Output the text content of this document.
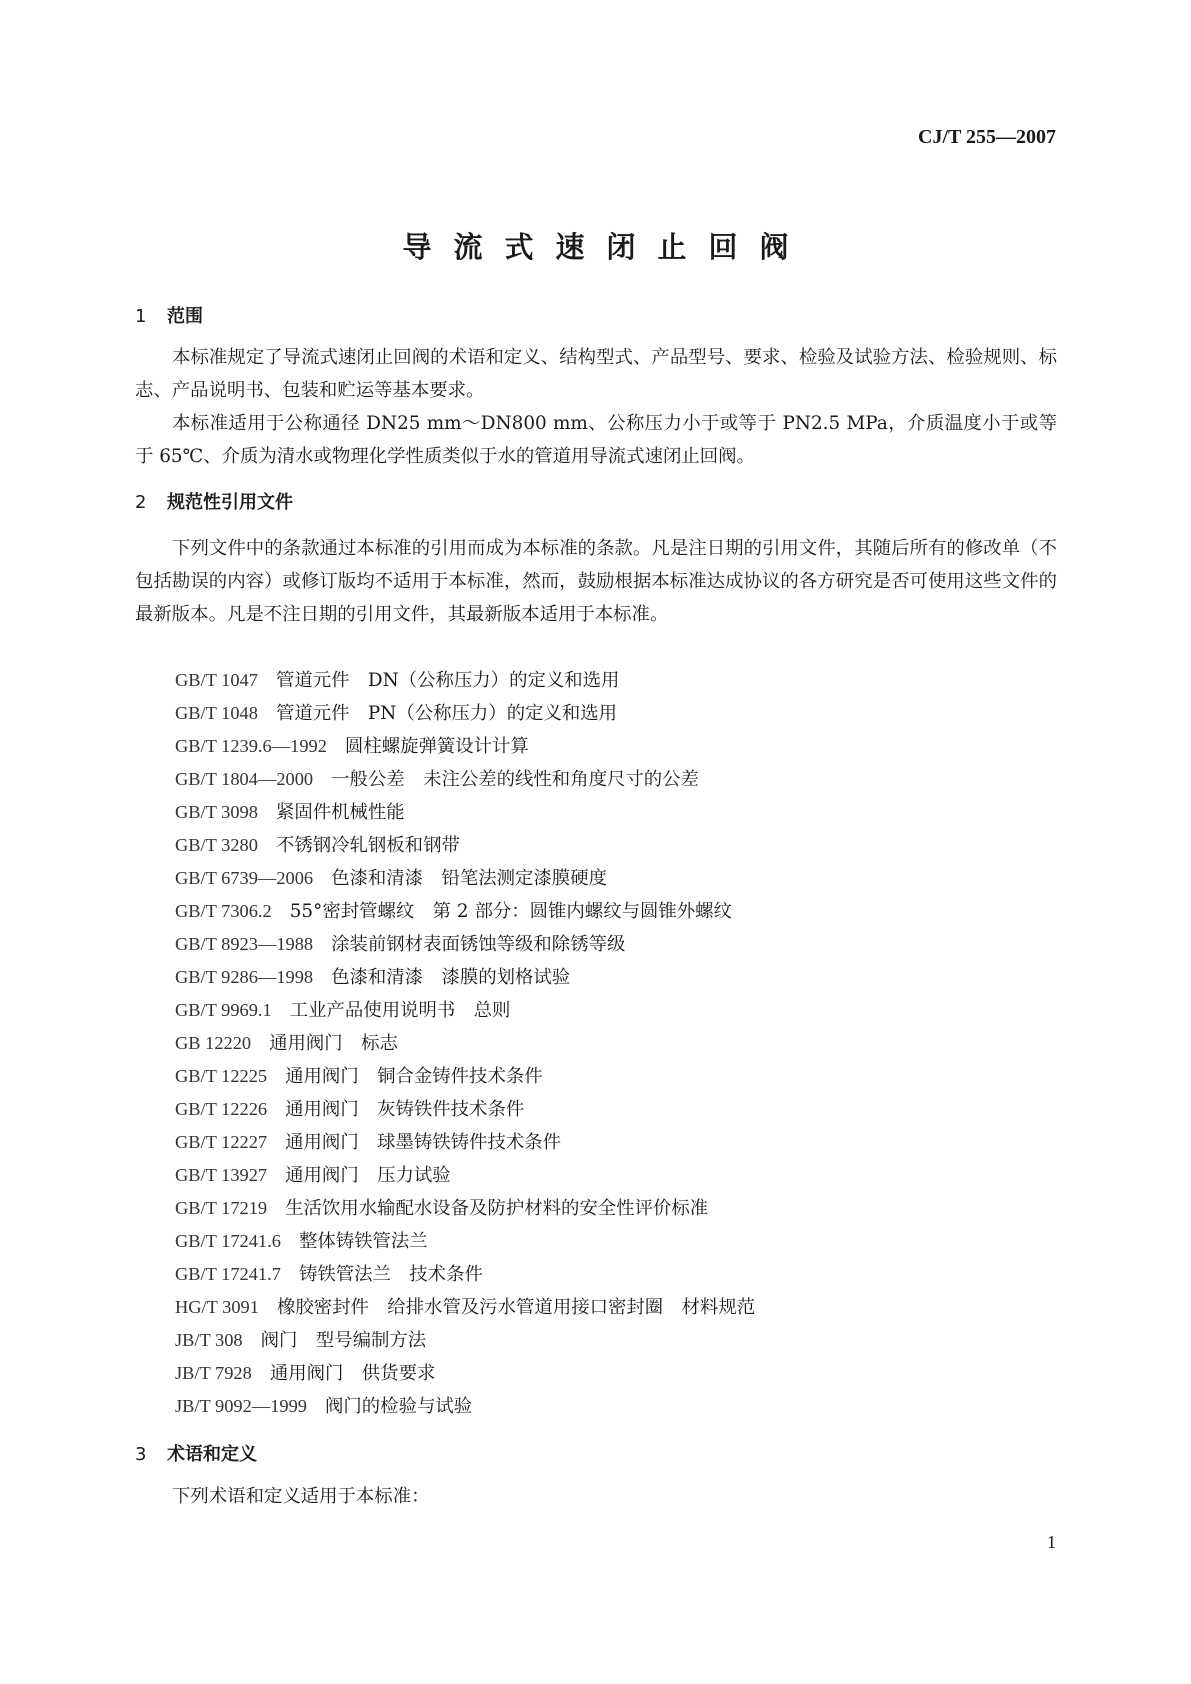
CJ/T 255—2007
导流式速闭止回阀
1 范围

本标准规定了导流式速闭止回阀的术语和定义、结构型式、产品型号、要求、检验及试验方法、检验规则、标志、产品说明书、包装和贮运等基本要求。

本标准适用于公称通径 DN25 mm～DN800 mm、公称压力小于或等于 PN2.5 MPa，介质温度小于或等于 65℃、介质为清水或物理化学性质类似于水的管道用导流式速闭止回阀。

2 规范性引用文件

下列文件中的条款通过本标准的引用而成为本标准的条款。凡是注日期的引用文件，其随后所有的修改单（不包括勘误的内容）或修订版均不适用于本标准，然而，鼓励根据本标准达成协议的各方研究是否可使用这些文件的最新版本。凡是不注日期的引用文件，其最新版本适用于本标准。

GB/T 1047 管道元件　DN（公称压力）的定义和选用
GB/T 1048 管道元件　PN（公称压力）的定义和选用
GB/T 1239.6—1992 圆柱螺旋弹簧设计计算
GB/T 1804—2000 一般公差　未注公差的线性和角度尺寸的公差
GB/T 3098 紧固件机械性能
GB/T 3280 不锈钢冷轧钢板和钢带
GB/T 6739—2006 色漆和清漆　铅笔法测定漆膜硬度
GB/T 7306.2 55°密封管螺纹　第 2 部分：圆锥内螺纹与圆锥外螺纹
GB/T 8923—1988 涂装前钢材表面锈蚀等级和除锈等级
GB/T 9286—1998 色漆和清漆　漆膜的划格试验
GB/T 9969.1 工业产品使用说明书　总则
GB 12220 通用阀门　标志
GB/T 12225 通用阀门　铜合金铸件技术条件
GB/T 12226 通用阀门　灰铸铁件技术条件
GB/T 12227 通用阀门　球墨铸铁铸件技术条件
GB/T 13927 通用阀门　压力试验
GB/T 17219 生活饮用水输配水设备及防护材料的安全性评价标准
GB/T 17241.6 整体铸铁管法兰
GB/T 17241.7 铸铁管法兰　技术条件
HG/T 3091 橡胶密封件　给排水管及污水管道用接口密封圈　材料规范
JB/T 308 阀门　型号编制方法
JB/T 7928 通用阀门　供货要求
JB/T 9092—1999 阀门的检验与试验
3 术语和定义

下列术语和定义适用于本标准：

1
